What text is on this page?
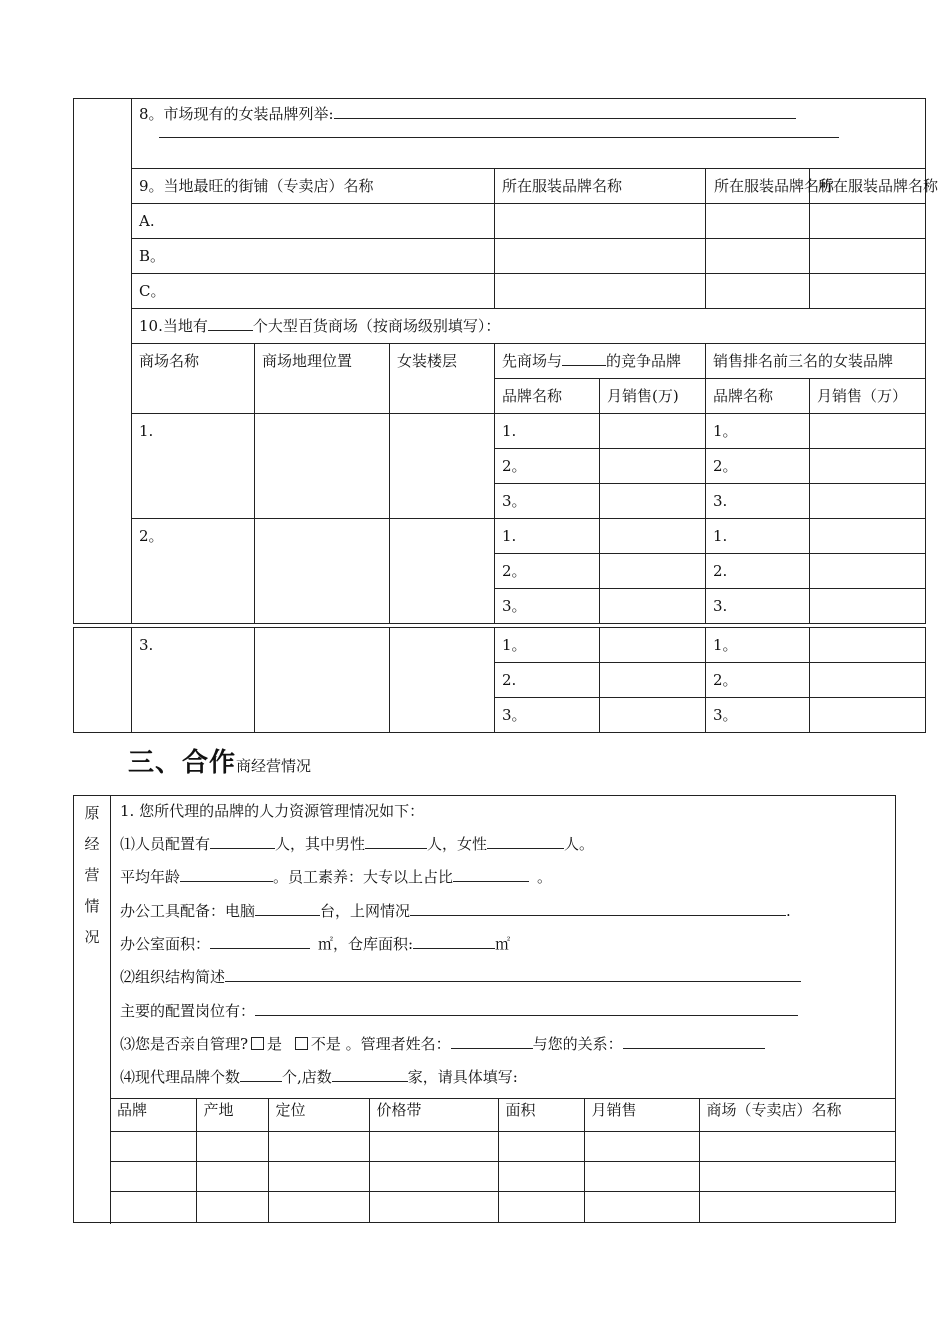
	8。市场现有的女装品牌列举:						

	9。当地最旺的街铺（专卖店）名称			所在服装品牌名称		所在服装品牌名称	所在服装品牌名称
	A.						
	B。						
	C。						
	10.当地有 个大型百货商场（按商场级别填写）：						
	商场名称	商场地理位置	女装楼层	先商场与 的竞争品牌		销售排名前三名的女装品牌	
				品牌名称	月销售(万)	品牌名称	月销售（万）
	1.			1.		1。	
				2。		2。	
				3。		3.	
	2。			1.		1.	
				2。		2.	
				3。		3.	
	3.			1。		1。	
				2.		2。	
				3。		3。	
三、合作商经营情况
原
经
营
情
况
1. 您所代理的品牌的人力资源管理情况如下：
⑴人员配置有	人，其中男性	人，女性	人。
平均年龄	。员工素养：大专以上占比	。
办公工具配备：电脑	台，上网情况	.
办公室面积：	㎡，仓库面积:	㎡
⑵组织结构简述
主要的配置岗位有：
⑶您是否亲自管理? 是 不是 。管理者姓名：	与您的关系：
⑷现代理品牌个数	个,店数	家，请具体填写:
品牌	产地	定位	价格带	面积	月销售	商场（专卖店）名称
